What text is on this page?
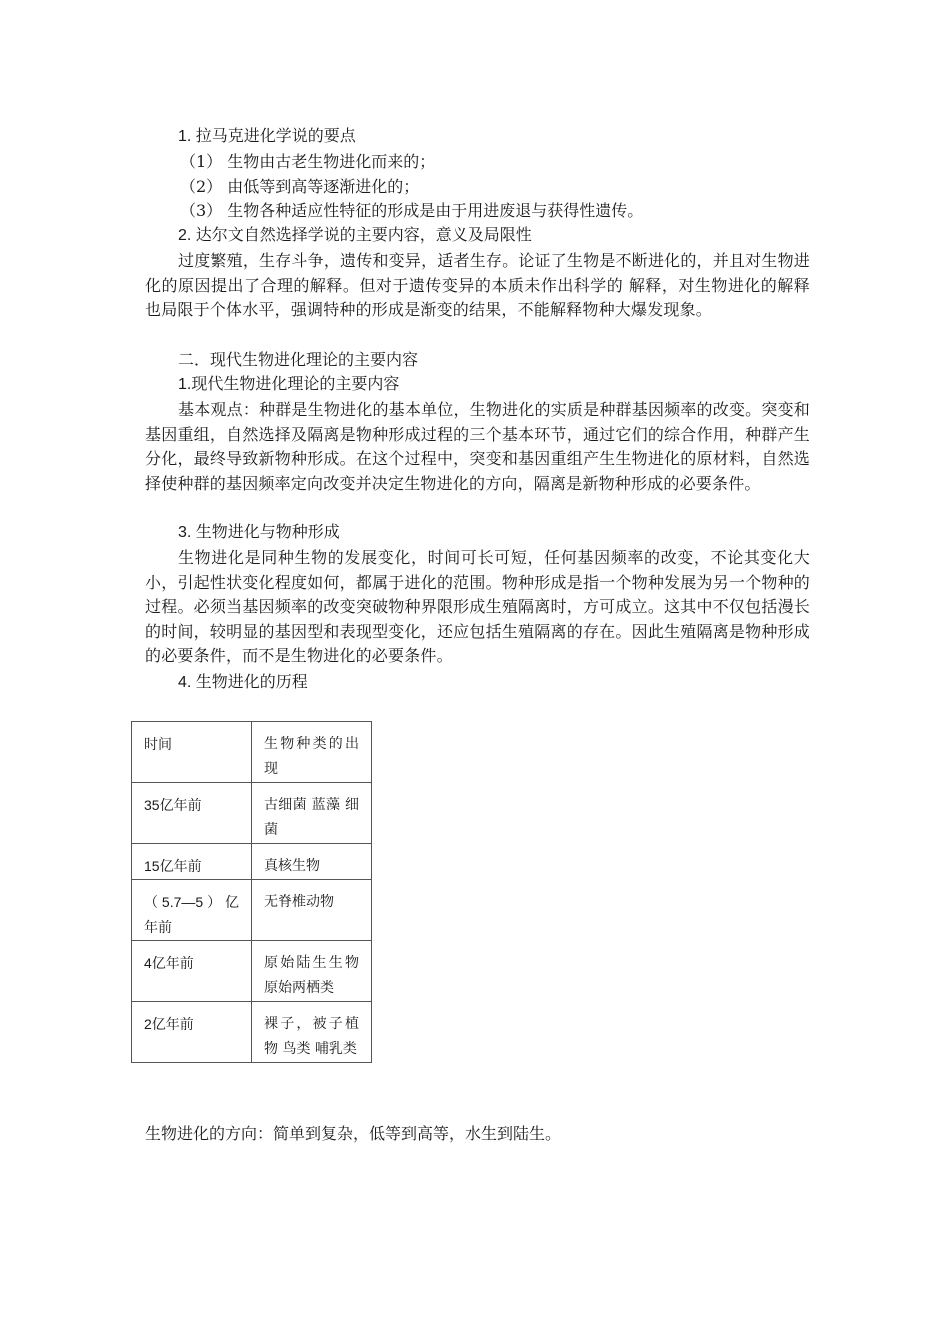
1. 拉马克进化学说的要点
（1） 生物由古老生物进化而来的；
（2） 由低等到高等逐渐进化的；
（3） 生物各种适应性特征的形成是由于用进废退与获得性遗传。
2. 达尔文自然选择学说的主要内容，意义及局限性
过度繁殖，生存斗争，遗传和变异，适者生存。论证了生物是不断进化的，并且对生物进化的原因提出了合理的解释。但对于遗传变异的本质未作出科学的 解释，对生物进化的解释也局限于个体水平，强调特种的形成是渐变的结果，不能解释物种大爆发现象。
二．现代生物进化理论的主要内容
1.现代生物进化理论的主要内容
基本观点：种群是生物进化的基本单位，生物进化的实质是种群基因频率的改变。突变和基因重组，自然选择及隔离是物种形成过程的三个基本环节，通过它们的综合作用，种群产生分化，最终导致新物种形成。在这个过程中，突变和基因重组产生生物进化的原材料，自然选择使种群的基因频率定向改变并决定生物进化的方向，隔离是新物种形成的必要条件。
3. 生物进化与物种形成
生物进化是同种生物的发展变化，时间可长可短，任何基因频率的改变，不论其变化大小，引起性状变化程度如何，都属于进化的范围。物种形成是指一个物种发展为另一个物种的过程。必须当基因频率的改变突破物种界限形成生殖隔离时，方可成立。这其中不仅包括漫长的时间，较明显的基因型和表现型变化，还应包括生殖隔离的存在。因此生殖隔离是物种形成的必要条件，而不是生物进化的必要条件。
4. 生物进化的历程
时间	生物种类的出现
35亿年前	古细菌 蓝藻 细菌
15亿年前	真核生物
（ 5.7—5 ） 亿年前	无脊椎动物
4亿年前	原始陆生生物 原始两栖类
2亿年前	裸子，被子植物 鸟类 哺乳类
生物进化的方向：简单到复杂，低等到高等，水生到陆生。
